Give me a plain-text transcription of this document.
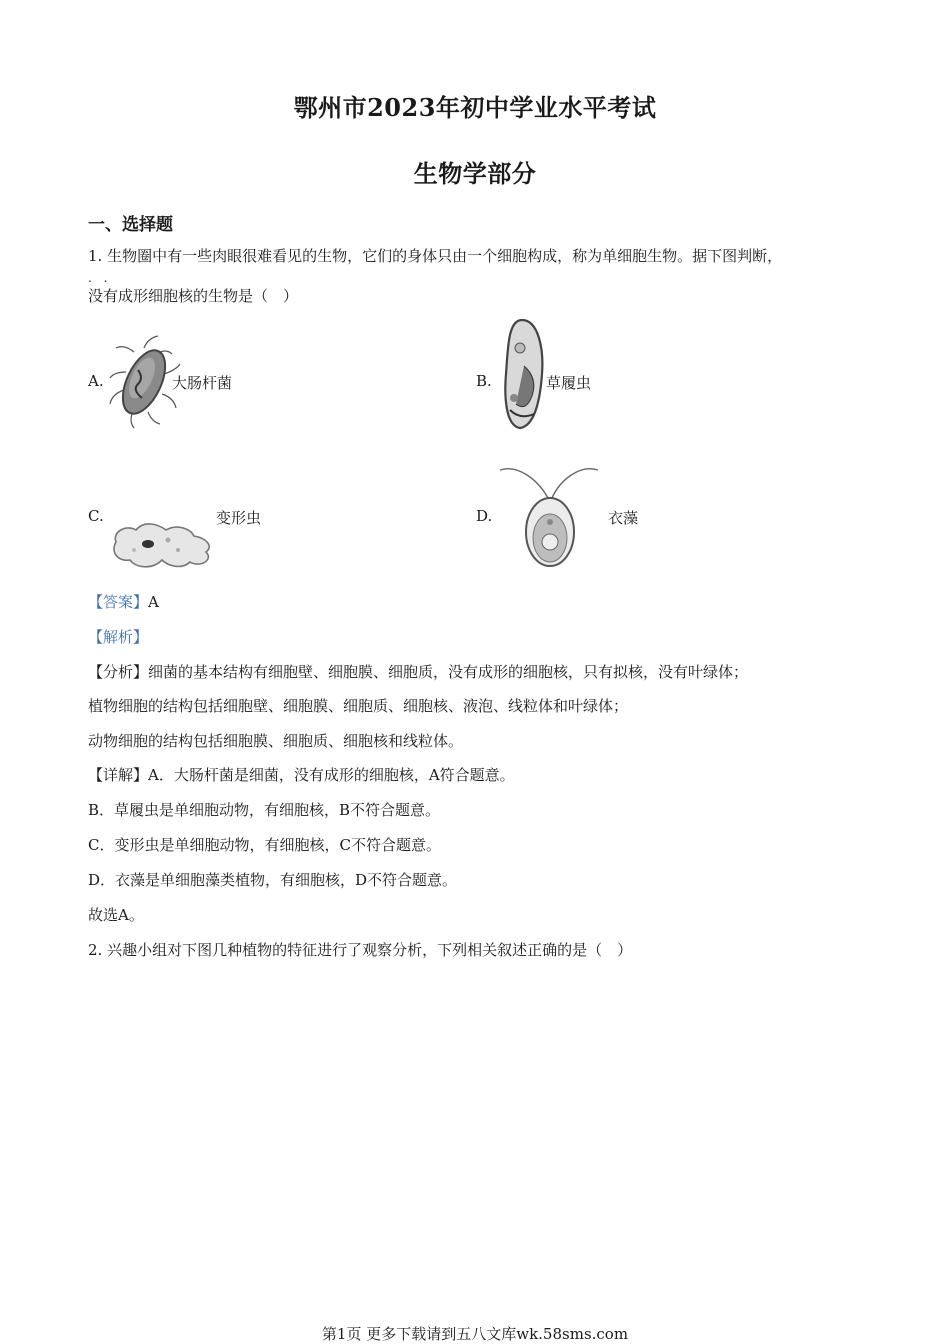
鄂州市2023年初中学业水平考试
生物学部分
一、选择题
1. 生物圈中有一些肉眼很难看见的生物，它们的身体只由一个细胞构成，称为单细胞生物。据下图判断，
. .
没有成形细胞核的生物是（　）
A.	大肠杆菌	B.	草履虫
C.	变形虫	D.	衣藻
【答案】A
【解析】
【分析】细菌的基本结构有细胞壁、细胞膜、细胞质，没有成形的细胞核，只有拟核，没有叶绿体；
植物细胞的结构包括细胞壁、细胞膜、细胞质、细胞核、液泡、线粒体和叶绿体；
动物细胞的结构包括细胞膜、细胞质、细胞核和线粒体。
【详解】A．大肠杆菌是细菌，没有成形的细胞核，A符合题意。
B．草履虫是单细胞动物，有细胞核，B不符合题意。
C．变形虫是单细胞动物，有细胞核，C不符合题意。
D．衣藻是单细胞藻类植物，有细胞核，D不符合题意。
故选A。
2. 兴趣小组对下图几种植物的特征进行了观察分析，下列相关叙述正确的是（　）
第1页 更多下载请到五八文库wk.58sms.com
